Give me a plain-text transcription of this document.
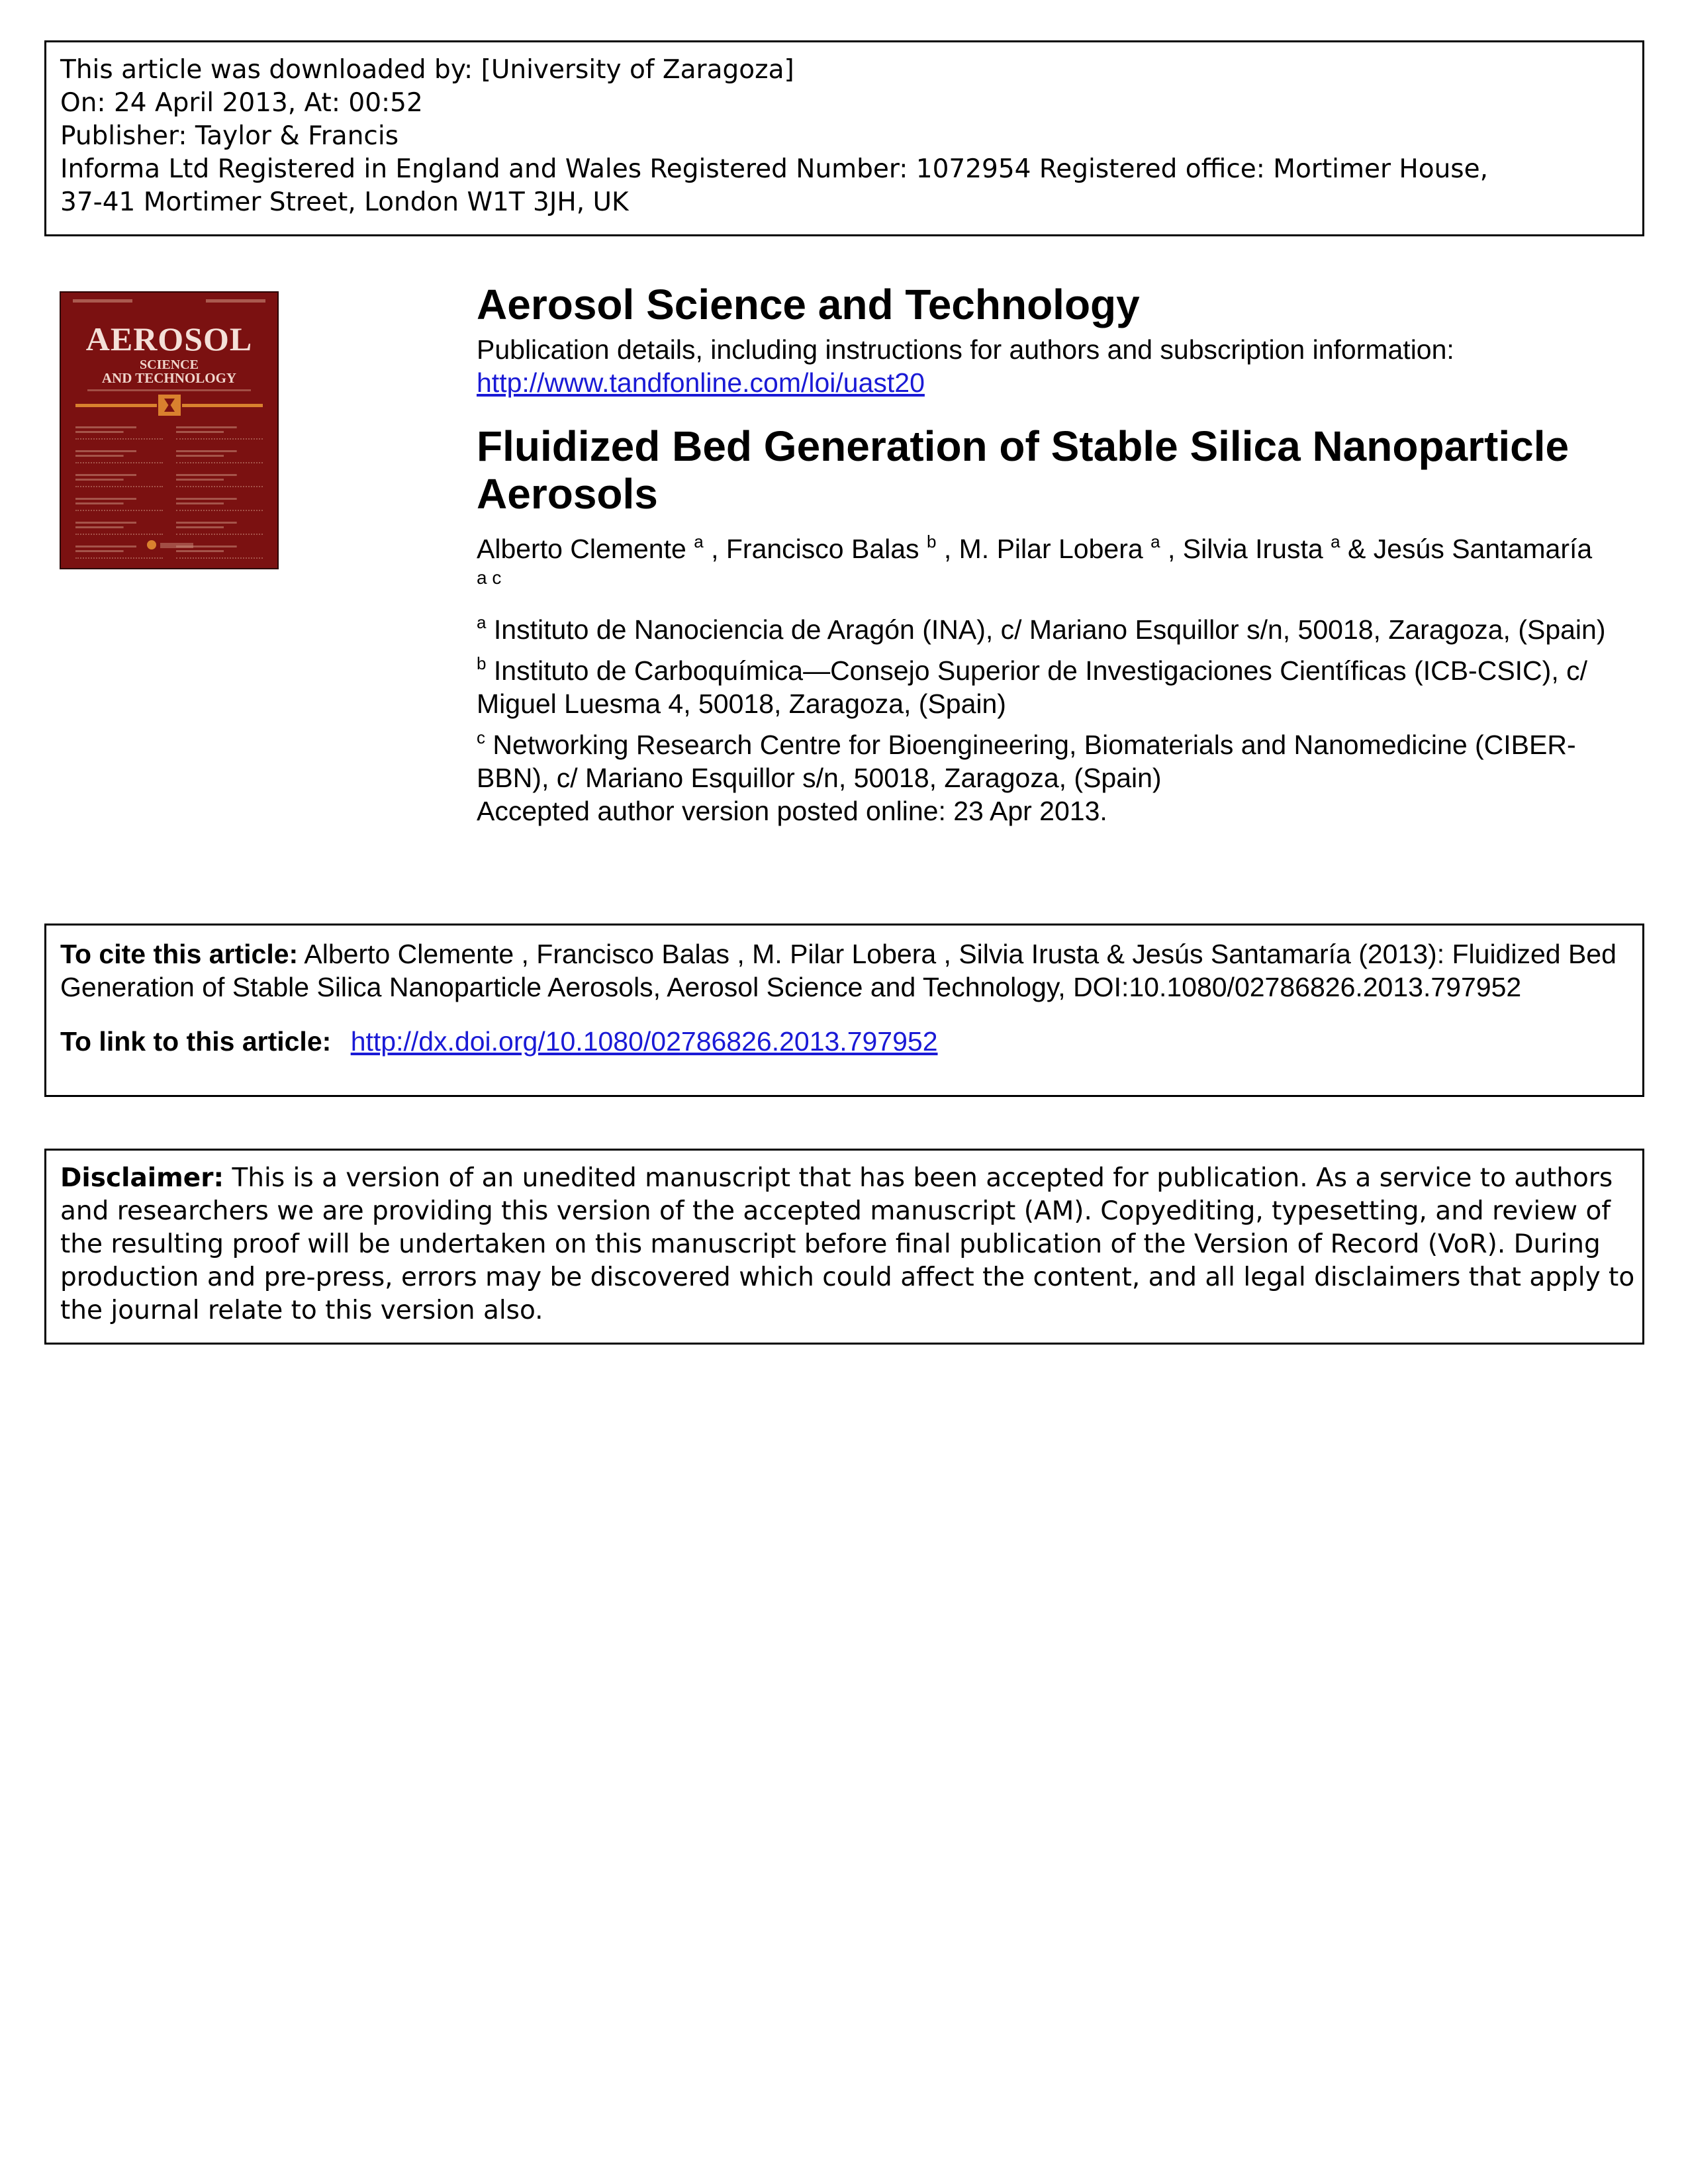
This article was downloaded by: [University of Zaragoza]
On: 24 April 2013, At: 00:52
Publisher: Taylor & Francis
Informa Ltd Registered in England and Wales Registered Number: 1072954 Registered office: Mortimer House,
37-41 Mortimer Street, London W1T 3JH, UK
AEROSOL
SCIENCE
AND TECHNOLOGY
Aerosol Science and Technology
Publication details, including instructions for authors and subscription information:
http://www.tandfonline.com/loi/uast20
Fluidized Bed Generation of Stable Silica Nanoparticle Aerosols
Alberto Clemente $^a$ , Francisco Balas $^b$ , M. Pilar Lobera $^a$ , Silvia Irusta $^a$ & Jesús Santamaría
a c
$^a$ Instituto de Nanociencia de Aragón (INA), c/ Mariano Esquillor s/n, 50018, Zaragoza, (Spain)
$^b$ Instituto de Carboquímica—Consejo Superior de Investigaciones Científicas (ICB-CSIC), c/ Miguel Luesma 4, 50018, Zaragoza, (Spain)
$^c$ Networking Research Centre for Bioengineering, Biomaterials and Nanomedicine (CIBER-BBN), c/ Mariano Esquillor s/n, 50018, Zaragoza, (Spain)
Accepted author version posted online: 23 Apr 2013.
To cite this article: Alberto Clemente , Francisco Balas , M. Pilar Lobera , Silvia Irusta & Jesús Santamaría (2013): Fluidized Bed Generation of Stable Silica Nanoparticle Aerosols, Aerosol Science and Technology, DOI:10.1080/02786826.2013.797952
To link to this article: http://dx.doi.org/10.1080/02786826.2013.797952
Disclaimer: This is a version of an unedited manuscript that has been accepted for publication. As a service to authors and researchers we are providing this version of the accepted manuscript (AM). Copyediting, typesetting, and review of the resulting proof will be undertaken on this manuscript before final publication of the Version of Record (VoR). During production and pre-press, errors may be discovered which could affect the content, and all legal disclaimers that apply to the journal relate to this version also.
